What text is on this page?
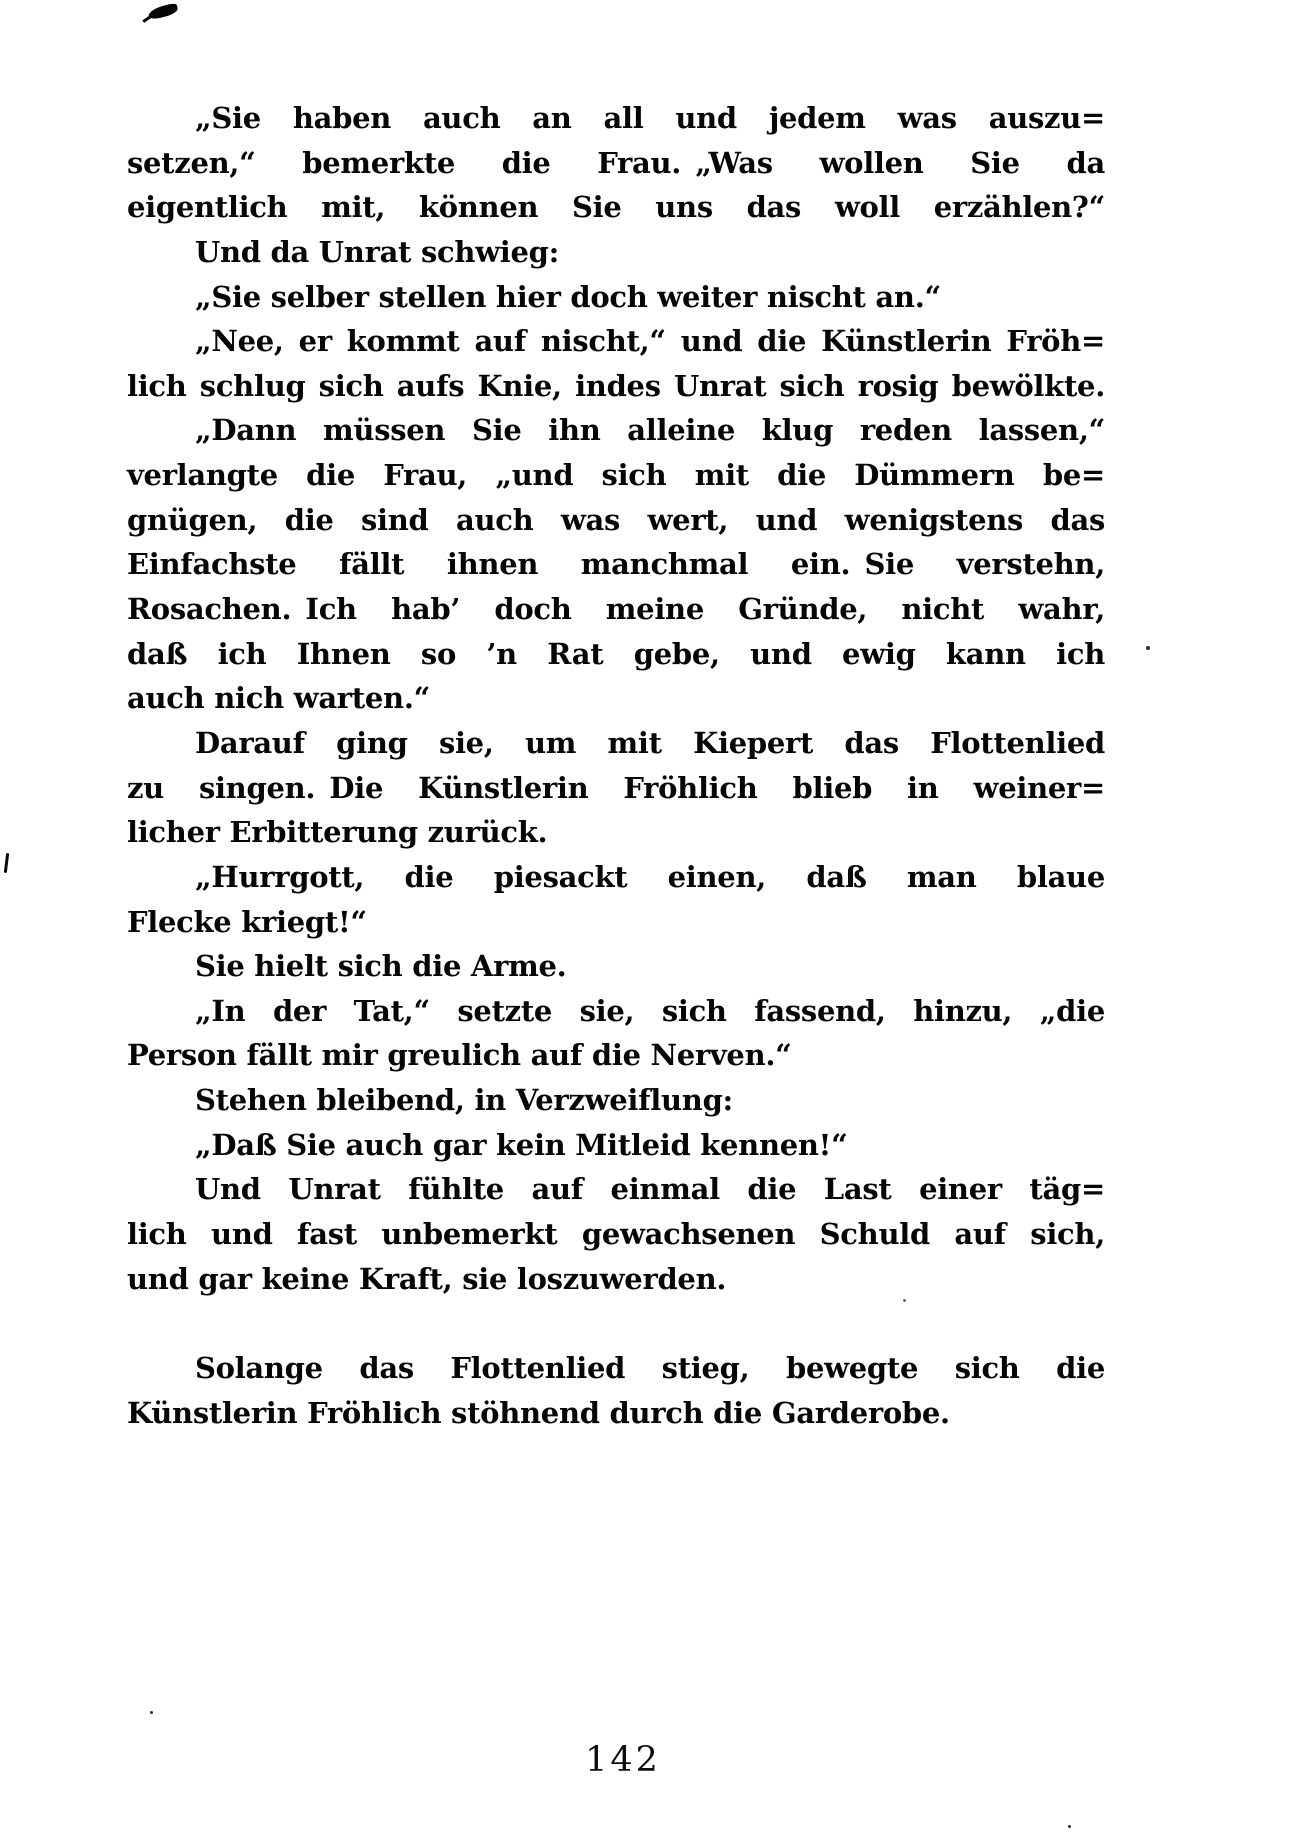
„Sie haben auch an all und jedem was auszu=
setzen,“ bemerkte die Frau. „Was wollen Sie da
eigentlich mit, können Sie uns das woll erzählen?“
Und da Unrat schwieg:
„Sie selber stellen hier doch weiter nischt an.“
„Nee, er kommt auf nischt,“ und die Künstlerin Fröh=
lich schlug sich aufs Knie, indes Unrat sich rosig bewölkte.
„Dann müssen Sie ihn alleine klug reden lassen,“
verlangte die Frau, „und sich mit die Dümmern be=
gnügen, die sind auch was wert, und wenigstens das
Einfachste fällt ihnen manchmal ein. Sie verstehn,
Rosachen. Ich hab’ doch meine Gründe, nicht wahr,
daß ich Ihnen so ’n Rat gebe, und ewig kann ich
auch nich warten.“
Darauf ging sie, um mit Kiepert das Flottenlied
zu singen. Die Künstlerin Fröhlich blieb in weiner=
licher Erbitterung zurück.
„Hurrgott, die piesackt einen, daß man blaue
Flecke kriegt!“
Sie hielt sich die Arme.
„In der Tat,“ setzte sie, sich fassend, hinzu, „die
Person fällt mir greulich auf die Nerven.“
Stehen bleibend, in Verzweiflung:
„Daß Sie auch gar kein Mitleid kennen!“
Und Unrat fühlte auf einmal die Last einer täg=
lich und fast unbemerkt gewachsenen Schuld auf sich,
und gar keine Kraft, sie loszuwerden.
Solange das Flottenlied stieg, bewegte sich die
Künstlerin Fröhlich stöhnend durch die Garderobe.
142
